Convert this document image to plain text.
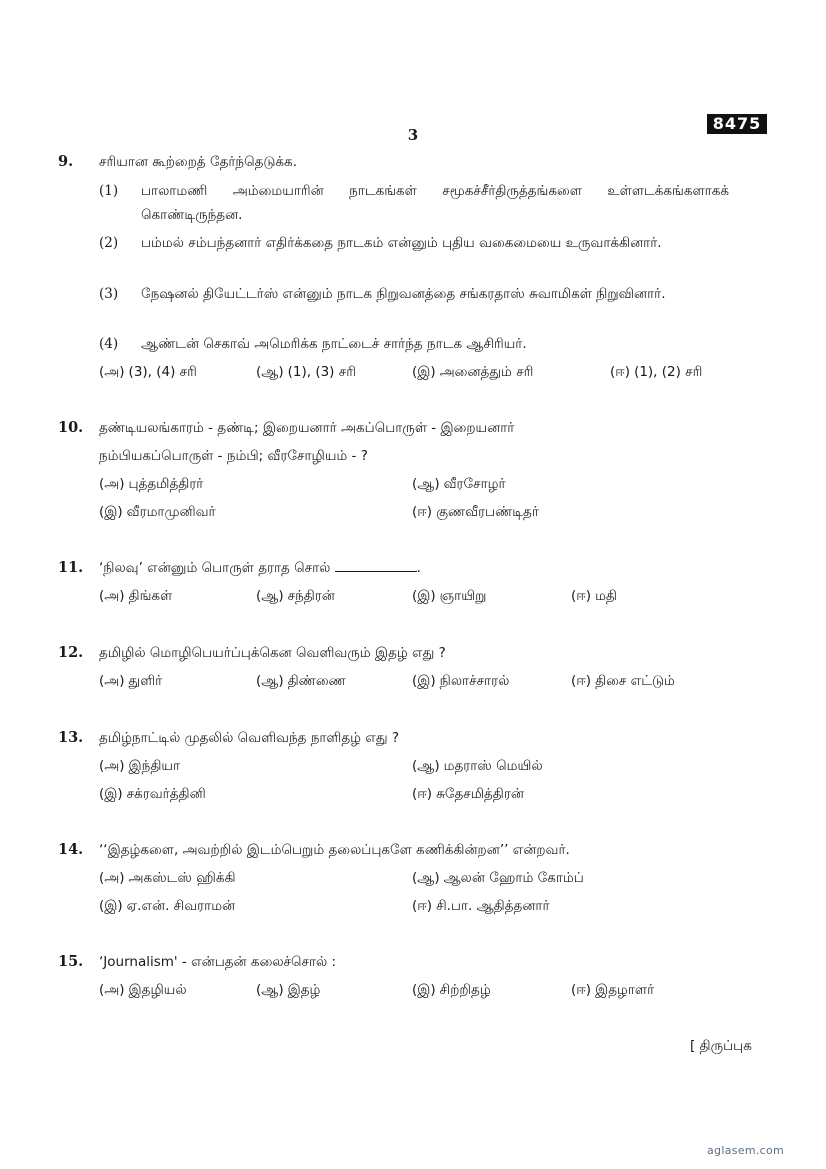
8475
3
9. சரியான கூற்றைத் தேர்ந்தெடுக்க.
(1) பாலாமணி அம்மையாரின் நாடகங்கள் சமூகச்சீர்திருத்தங்களை உள்ளடக்கங்களாகக் கொண்டிருந்தன.
(2) பம்மல் சம்பந்தனார் எதிர்க்கதை நாடகம் என்னும் புதிய வகைமையை உருவாக்கினார்.
(3) நேஷனல் தியேட்டர்ஸ் என்னும் நாடக நிறுவனத்தை சங்கரதாஸ் சுவாமிகள் நிறுவினார்.
(4) ஆண்டன் செகாவ் அமெரிக்க நாட்டைச் சார்ந்த நாடக ஆசிரியர்.
(அ) (3), (4) சரி	(ஆ) (1), (3) சரி	(இ) அனைத்தும் சரி	(ஈ) (1), (2) சரி
10. தண்டியலங்காரம் - தண்டி; இறையனார் அகப்பொருள் - இறையனார்
நம்பியகப்பொருள் - நம்பி; வீரசோழியம் - ?
(அ) புத்தமித்திரர்	(ஆ) வீரசோழர்
(இ) வீரமாமுனிவர்	(ஈ) குணவீரபண்டிதர்
11. ‘நிலவு’ என்னும் பொருள் தராத சொல்	.
(அ) திங்கள்	(ஆ) சந்திரன்	(இ) ஞாயிறு	(ஈ) மதி
12. தமிழில் மொழிபெயர்ப்புக்கென வெளிவரும் இதழ் எது ?
(அ) துளிர்	(ஆ) திண்ணை	(இ) நிலாச்சாரல்	(ஈ) திசை எட்டும்
13. தமிழ்நாட்டில் முதலில் வெளிவந்த நாளிதழ் எது ?
(அ) இந்தியா	(ஆ) மதராஸ் மெயில்
(இ) சக்ரவர்த்தினி	(ஈ) சுதேசமித்திரன்
14. ‘‘இதழ்களை, அவற்றில் இடம்பெறும் தலைப்புகளே கணிக்கின்றன’’ என்றவர்.
(அ) அகஸ்டஸ் ஹிக்கி	(ஆ) ஆலன் ஹோம் கோம்ப்
(இ) ஏ.என். சிவராமன்	(ஈ) சி.பா. ஆதித்தனார்
15. ‘Journalism' - என்பதன் கலைச்சொல் :
(அ) இதழியல்	(ஆ) இதழ்	(இ) சிற்றிதழ்	(ஈ) இதழாளர்
[ திருப்புக
aglasem.com
